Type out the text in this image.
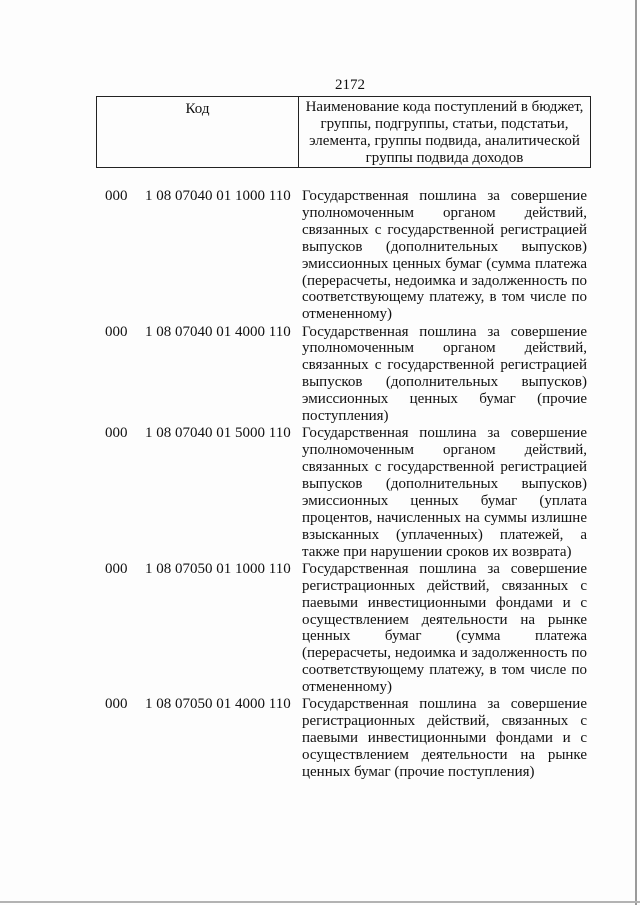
2172
Код	Наименование кода поступлений в бюджет, группы, подгруппы, статьи, подстатьи, элемента, группы подвида, аналитической группы подвида доходов
000 1 08 07040 01 1000 110 Государственная пошлина за совершение уполномоченным органом действий, связанных с государственной регистрацией выпусков (дополнительных выпусков) эмиссионных ценных бумаг (сумма платежа (перерасчеты, недоимка и задолженность по соответствующему платежу, в том числе по отмененному)
000 1 08 07040 01 4000 110 Государственная пошлина за совершение уполномоченным органом действий, связанных с государственной регистрацией выпусков (дополнительных выпусков) эмиссионных ценных бумаг (прочие поступления)
000 1 08 07040 01 5000 110 Государственная пошлина за совершение уполномоченным органом действий, связанных с государственной регистрацией выпусков (дополнительных выпусков) эмиссионных ценных бумаг (уплата процентов, начисленных на суммы излишне взысканных (уплаченных) платежей, а также при нарушении сроков их возврата)
000 1 08 07050 01 1000 110 Государственная пошлина за совершение регистрационных действий, связанных с паевыми инвестиционными фондами и с осуществлением деятельности на рынке ценных бумаг (сумма платежа (перерасчеты, недоимка и задолженность по соответствующему платежу, в том числе по отмененному)
000 1 08 07050 01 4000 110 Государственная пошлина за совершение регистрационных действий, связанных с паевыми инвестиционными фондами и с осуществлением деятельности на рынке ценных бумаг (прочие поступления)
